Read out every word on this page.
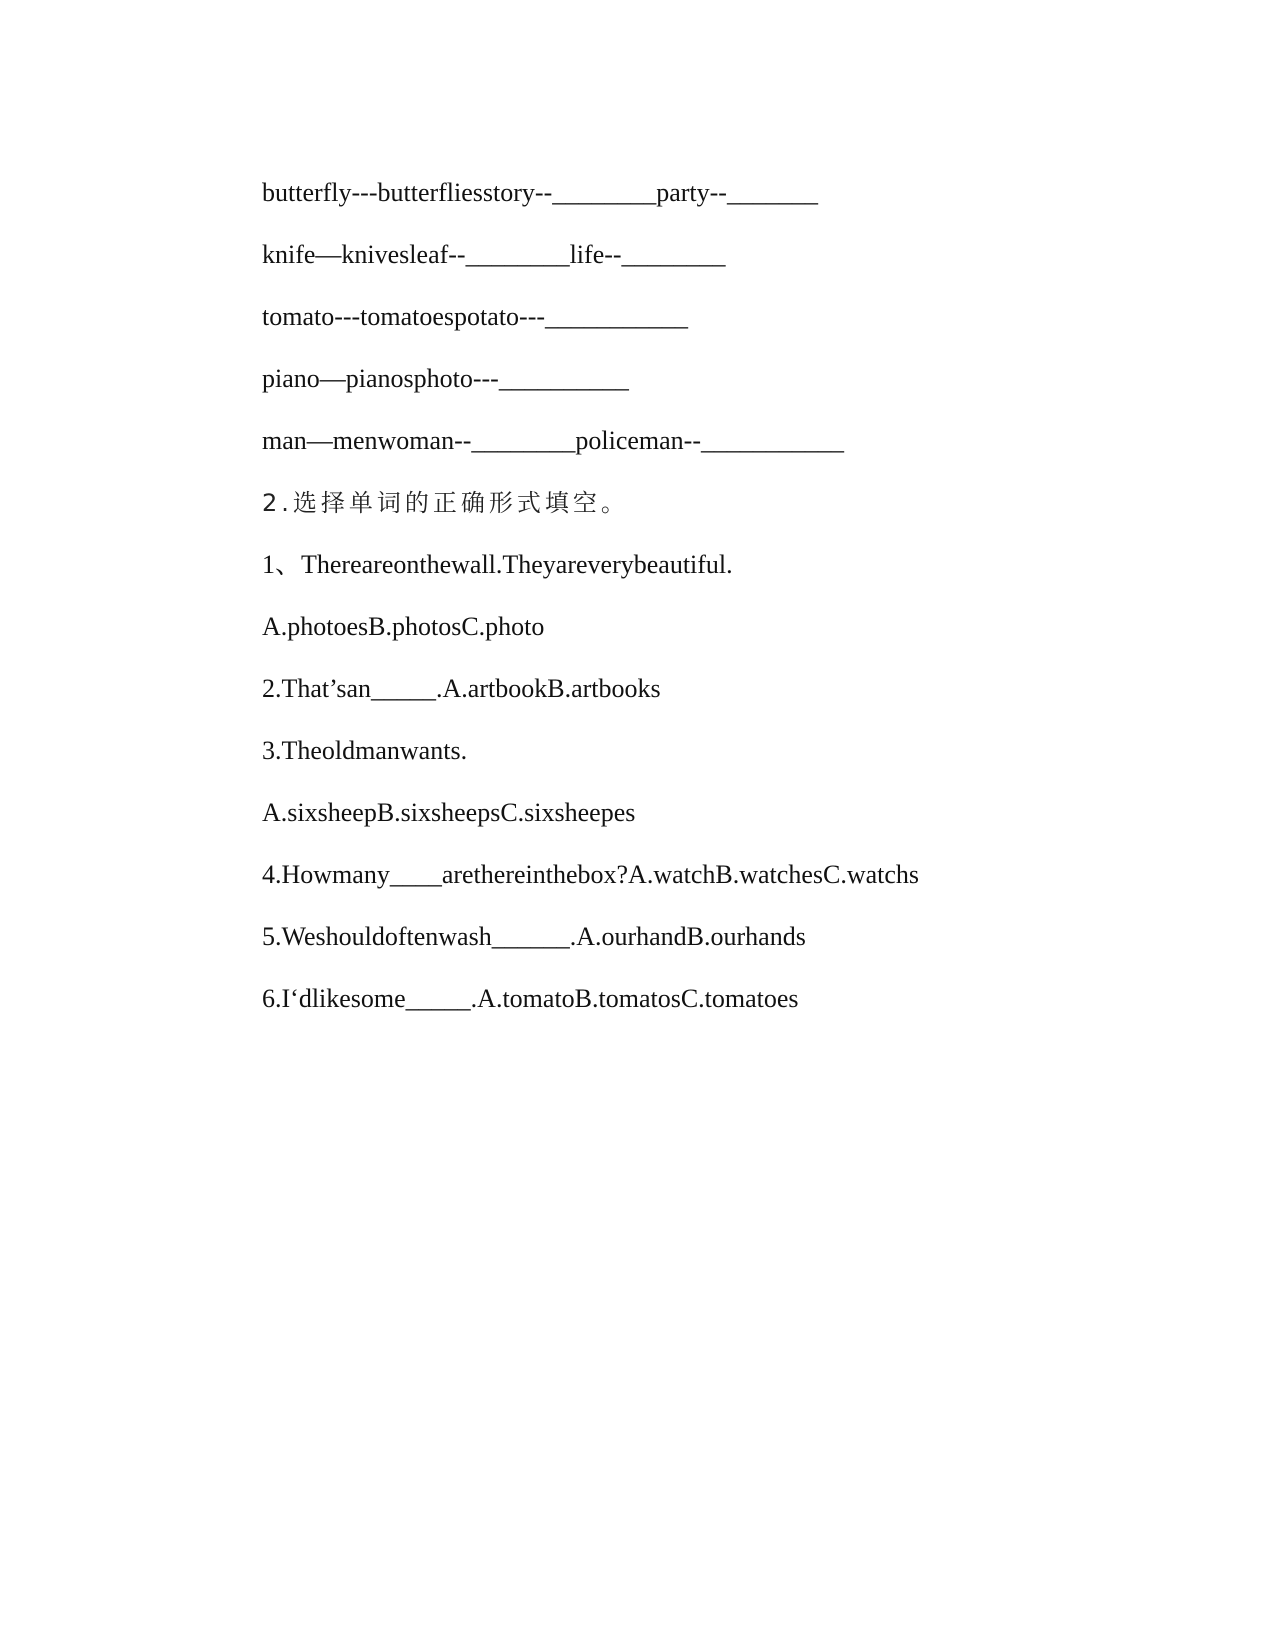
butterfly---butterfliesstory--________party--_______
knife—knivesleaf--________life--________
tomato---tomatoespotato---___________
piano—pianosphoto---__________
man—menwoman--________policeman--___________
2.选择单词的正确形式填空。
1、Thereareonthewall.Theyareverybeautiful.
A.photoesB.photosC.photo
2.That’san_____.A.artbookB.artbooks
3.Theoldmanwants.
A.sixsheepB.sixsheepsC.sixsheepes
4.Howmany____arethereinthebox?A.watchB.watchesC.watchs
5.Weshouldoftenwash______.A.ourhandB.ourhands
6.I‘dlikesome_____.A.tomatoB.tomatosC.tomatoes
